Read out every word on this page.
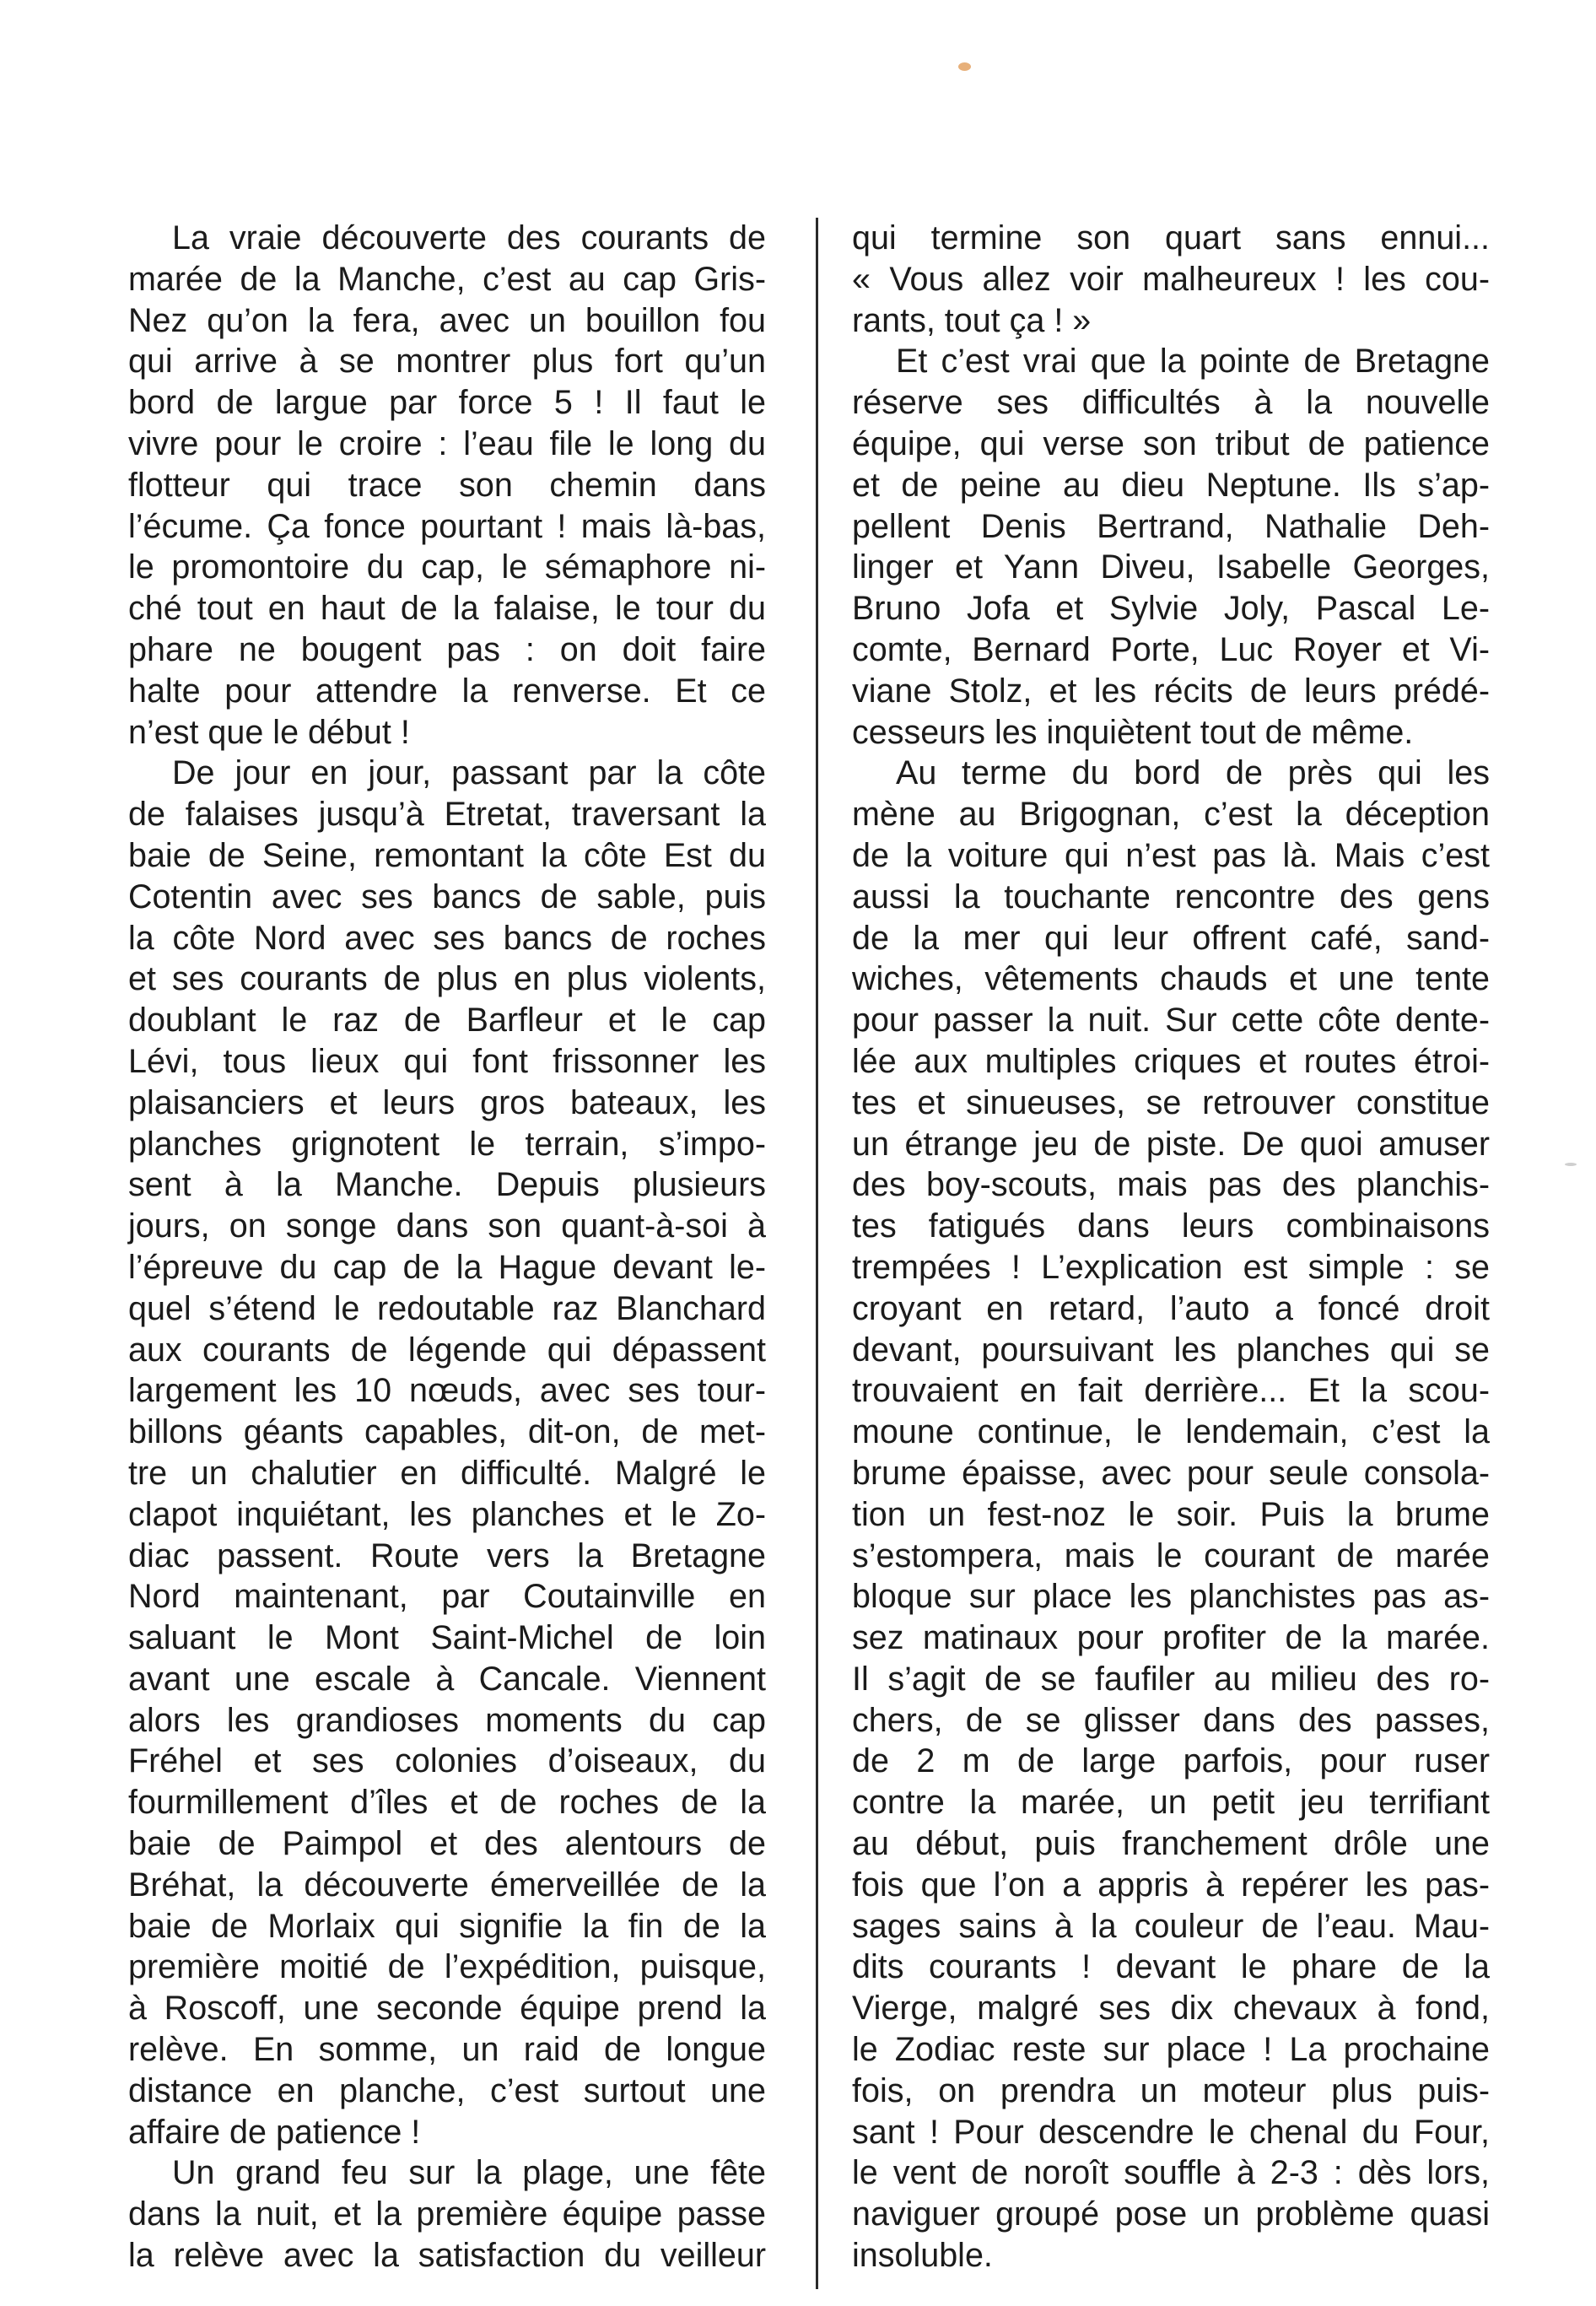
La vraie découverte des courants de
marée de la Manche, c’est au cap Gris-
Nez qu’on la fera, avec un bouillon fou
qui arrive à se montrer plus fort qu’un
bord de largue par force 5 ! Il faut le
vivre pour le croire : l’eau file le long du
flotteur qui trace son chemin dans
l’écume. Ça fonce pourtant ! mais là-bas,
le promontoire du cap, le sémaphore ni-
ché tout en haut de la falaise, le tour du
phare ne bougent pas : on doit faire
halte pour attendre la renverse. Et ce
n’est que le début !
De jour en jour, passant par la côte
de falaises jusqu’à Etretat, traversant la
baie de Seine, remontant la côte Est du
Cotentin avec ses bancs de sable, puis
la côte Nord avec ses bancs de roches
et ses courants de plus en plus violents,
doublant le raz de Barfleur et le cap
Lévi, tous lieux qui font frissonner les
plaisanciers et leurs gros bateaux, les
planches grignotent le terrain, s’impo-
sent à la Manche. Depuis plusieurs
jours, on songe dans son quant-à-soi à
l’épreuve du cap de la Hague devant le-
quel s’étend le redoutable raz Blanchard
aux courants de légende qui dépassent
largement les 10 nœuds, avec ses tour-
billons géants capables, dit-on, de met-
tre un chalutier en difficulté. Malgré le
clapot inquiétant, les planches et le Zo-
diac passent. Route vers la Bretagne
Nord maintenant, par Coutainville en
saluant le Mont Saint-Michel de loin
avant une escale à Cancale. Viennent
alors les grandioses moments du cap
Fréhel et ses colonies d’oiseaux, du
fourmillement d’îles et de roches de la
baie de Paimpol et des alentours de
Bréhat, la découverte émerveillée de la
baie de Morlaix qui signifie la fin de la
première moitié de l’expédition, puisque,
à Roscoff, une seconde équipe prend la
relève. En somme, un raid de longue
distance en planche, c’est surtout une
affaire de patience !
Un grand feu sur la plage, une fête
dans la nuit, et la première équipe passe
la relève avec la satisfaction du veilleur
qui termine son quart sans ennui...
« Vous allez voir malheureux ! les cou-
rants, tout ça ! »
Et c’est vrai que la pointe de Bretagne
réserve ses difficultés à la nouvelle
équipe, qui verse son tribut de patience
et de peine au dieu Neptune. Ils s’ap-
pellent Denis Bertrand, Nathalie Deh-
linger et Yann Diveu, Isabelle Georges,
Bruno Jofa et Sylvie Joly, Pascal Le-
comte, Bernard Porte, Luc Royer et Vi-
viane Stolz, et les récits de leurs prédé-
cesseurs les inquiètent tout de même.
Au terme du bord de près qui les
mène au Brigognan, c’est la déception
de la voiture qui n’est pas là. Mais c’est
aussi la touchante rencontre des gens
de la mer qui leur offrent café, sand-
wiches, vêtements chauds et une tente
pour passer la nuit. Sur cette côte dente-
lée aux multiples criques et routes étroi-
tes et sinueuses, se retrouver constitue
un étrange jeu de piste. De quoi amuser
des boy-scouts, mais pas des planchis-
tes fatigués dans leurs combinaisons
trempées ! L’explication est simple : se
croyant en retard, l’auto a foncé droit
devant, poursuivant les planches qui se
trouvaient en fait derrière... Et la scou-
moune continue, le lendemain, c’est la
brume épaisse, avec pour seule consola-
tion un fest-noz le soir. Puis la brume
s’estompera, mais le courant de marée
bloque sur place les planchistes pas as-
sez matinaux pour profiter de la marée.
Il s’agit de se faufiler au milieu des ro-
chers, de se glisser dans des passes,
de 2 m de large parfois, pour ruser
contre la marée, un petit jeu terrifiant
au début, puis franchement drôle une
fois que l’on a appris à repérer les pas-
sages sains à la couleur de l’eau. Mau-
dits courants ! devant le phare de la
Vierge, malgré ses dix chevaux à fond,
le Zodiac reste sur place ! La prochaine
fois, on prendra un moteur plus puis-
sant ! Pour descendre le chenal du Four,
le vent de noroît souffle à 2-3 : dès lors,
naviguer groupé pose un problème quasi
insoluble.
